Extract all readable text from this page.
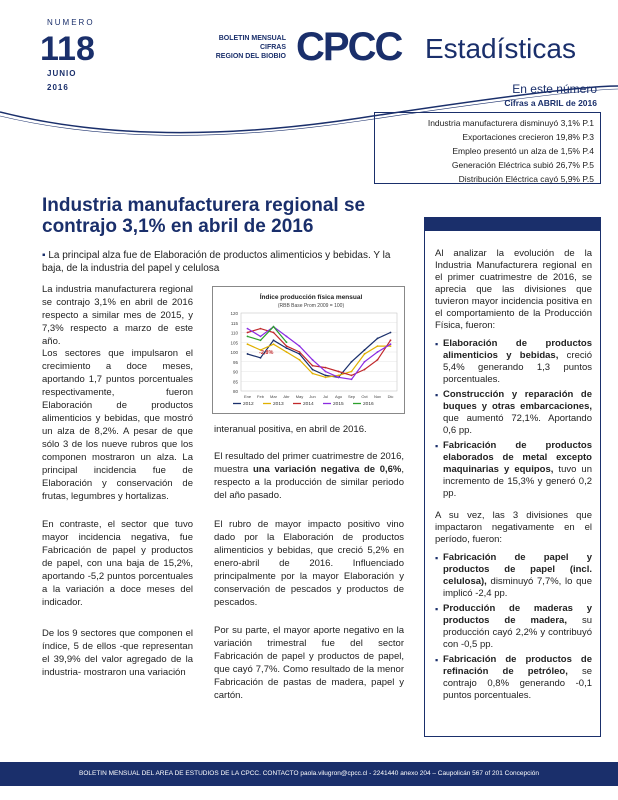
NUMERO
118
JUNIO
2016
BOLETIN MENSUAL
CIFRAS
REGION DEL BIOBIO CPCC Estadísticas
En este número
Cifras a ABRIL de 2016
Industria manufacturera disminuyó 3,1% P.1
Exportaciones crecieron 19,8% P.3
Empleo presentó un alza de 1,5% P.4
Generación Eléctrica subió 26,7% P.5
Distribución Eléctrica cayó 5,9% P.5
Industria manufacturera regional se contrajo 3,1% en abril de 2016
▪ La principal alza fue de Elaboración de productos alimenticios y bebidas. Y la baja, de la industria del papel y celulosa
La industria manufacturera regional se contrajo 3,1% en abril de 2016 respecto a similar mes de 2015, y 7,3% respecto a marzo de este año.
Los sectores que impulsaron el crecimiento a doce meses, aportando 1,7 puntos porcentuales respectivamente, fueron Elaboración de productos alimenticios y bebidas, que mostró un alza de 8,2%. A pesar de que sólo 3 de los nueve rubros que los componen mostraron un alza. La principal incidencia fue de Elaboración y conservación de frutas, legumbres y hortalizas.
En contraste, el sector que tuvo mayor incidencia negativa, fue Fabricación de papel y productos de papel, con una baja de 15,2%, aportando -5,2 puntos porcentuales a la variación a doce meses del indicador.
De los 9 sectores que componen el índice, 5 de ellos -que representan el 39,9% del valor agregado de la industria- mostraron una variación
Índice producción física mensual
(RBB Base Prom 2009 = 100)
80
85
90
95
100
105
110
115
120
Ene Feb Mar Abr May Jun Jul Ago Sep Oct Nov Dic
2012	2013	2014	2015	2016
-2,8%
interanual positiva, en abril de 2016.
El resultado del primer cuatrimestre de 2016, muestra una variación negativa de 0,6%, respecto a la producción de similar periodo del año pasado.
El rubro de mayor impacto positivo vino dado por la Elaboración de productos alimenticios y bebidas, que creció 5,2% en enero-abril de 2016. Influenciado principalmente por la mayor Elaboración y conservación de pescados y productos de pescados.
Por su parte, el mayor aporte negativo en la variación trimestral fue del sector Fabricación de papel y productos de papel, que cayó 7,7%. Como resultado de la menor Fabricación de pastas de madera, papel y cartón.

Al analizar la evolución de la Industria Manufacturera regional en el primer cuatrimestre de 2016, se aprecia que las divisiones que tuvieron mayor incidencia positiva en el comportamiento de la Producción Física, fueron:

▪ Elaboración de productos alimenticios y bebidas, creció 5,4% generando 1,3 puntos porcentuales.
▪ Construcción y reparación de buques y otras embarcaciones, que aumentó 72,1%. Aportando 0,6 pp.
▪ Fabricación de productos elaborados de metal excepto maquinarias y equipos, tuvo un incremento de 15,3% y generó 0,2 pp.

A su vez, las 3 divisiones que impactaron negativamente en el período, fueron:

▪ Fabricación de papel y productos de papel (incl. celulosa), disminuyó 7,7%, lo que implicó -2,4 pp.
▪ Producción de maderas y productos de madera, su producción cayó 2,2% y contribuyó con -0,5 pp.
▪ Fabricación de productos de refinación de petróleo, se contrajo 0,8% generando -0,1 puntos porcentuales.
BOLETIN MENSUAL DEL AREA DE ESTUDIOS DE LA CPCC. CONTACTO paola.vilugron@cpcc.cl - 2241440 anexo 204 – Caupolicán 567 of 201 Concepción
